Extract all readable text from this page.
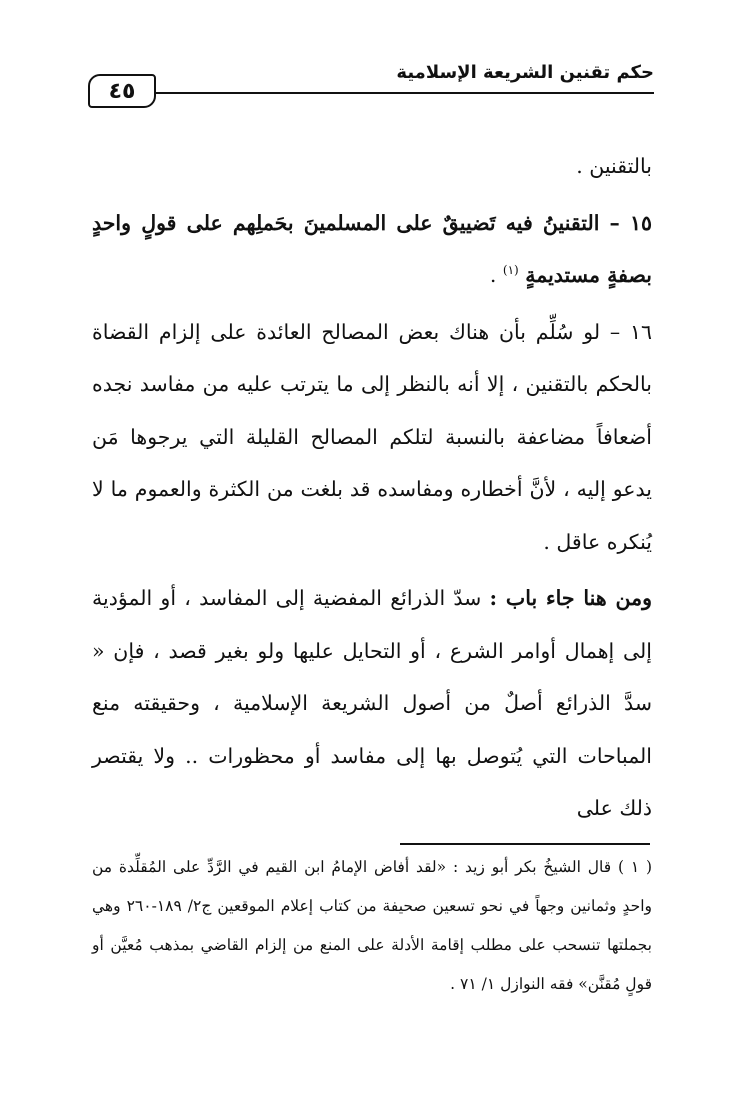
٤٥
حكم تقنين الشريعة الإسلامية

بالتقنين .

١٥ – التقنينُ فيه تَضييقٌ على المسلمينَ بحَملِهم على قولٍ واحدٍ بصفةٍ مستديمةٍ $^{(١)}$ .

١٦ – لو سُلِّم بأن هناك بعض المصالح العائدة على إلزام القضاة بالحكم بالتقنين ، إلا أنه بالنظر إلى ما يترتب عليه من مفاسد نجده أضعافاً مضاعفة بالنسبة لتلكم المصالح القليلة التي يرجوها مَن يدعو إليه ، لأنَّ أخطاره ومفاسده قد بلغت من الكثرة والعموم ما لا يُنكره عاقل .

ومن هنا جاء باب : سدّ الذرائع المفضية إلى المفاسد ، أو المؤدية إلى إهمال أوامر الشرع ، أو التحايل عليها ولو بغير قصد ، فإن « سدَّ الذرائع أصلٌ من أصول الشريعة الإسلامية ، وحقيقته منع المباحات التي يُتوصل بها إلى مفاسد أو محظورات .. ولا يقتصر ذلك على

( ١ ) قال الشيخُ بكر أبو زيد : «لقد أفاض الإمامُ ابن القيم في الرَّدِّ على المُقلِّدة من واحدٍ وثمانين وجهاً في نحو تسعين صحيفة من كتاب إعلام الموقعين ج٢/ ١٨٩-٢٦٠ وهي بجملتها تنسحب على مطلب إقامة الأدلة على المنع من إلزام القاضي بمذهب مُعيَّن أو قولٍ مُقنَّن» فقه النوازل ١/ ٧١ .
